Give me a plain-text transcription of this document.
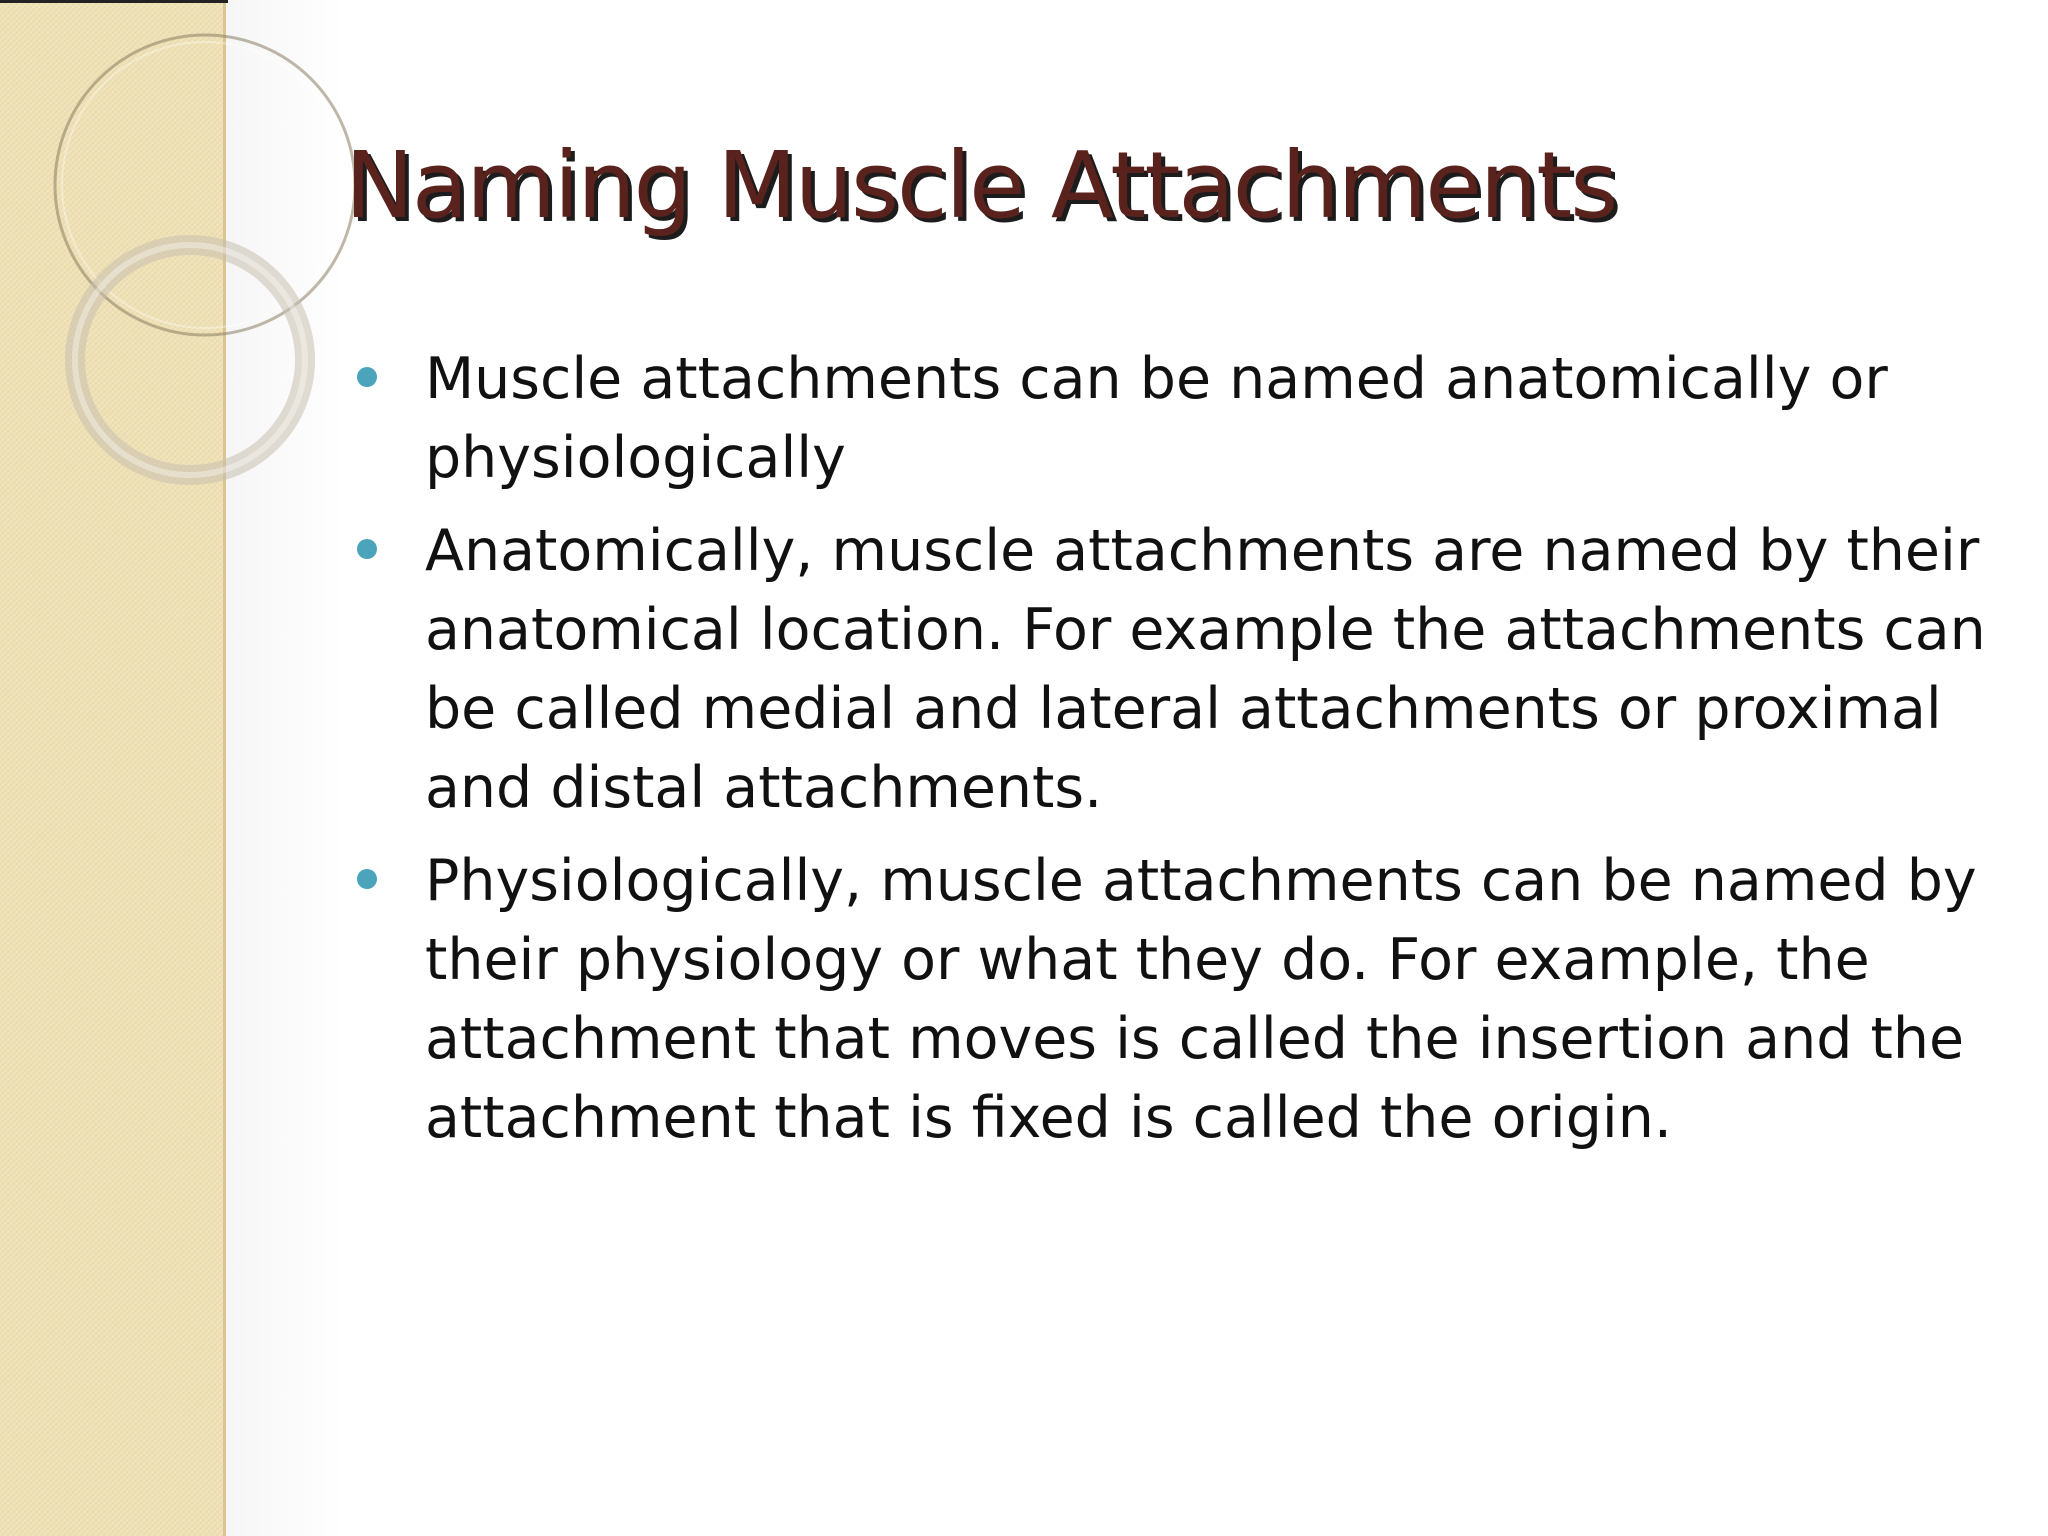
Naming Muscle Attachments
Muscle attachments can be named anatomically or physiologically
Anatomically, muscle attachments are named by their anatomical location. For example the attachments can be called medial and lateral attachments or proximal and distal attachments.
Physiologically, muscle attachments can be named by their physiology or what they do. For example, the attachment that moves is called the insertion and the attachment that is fixed is called the origin.
